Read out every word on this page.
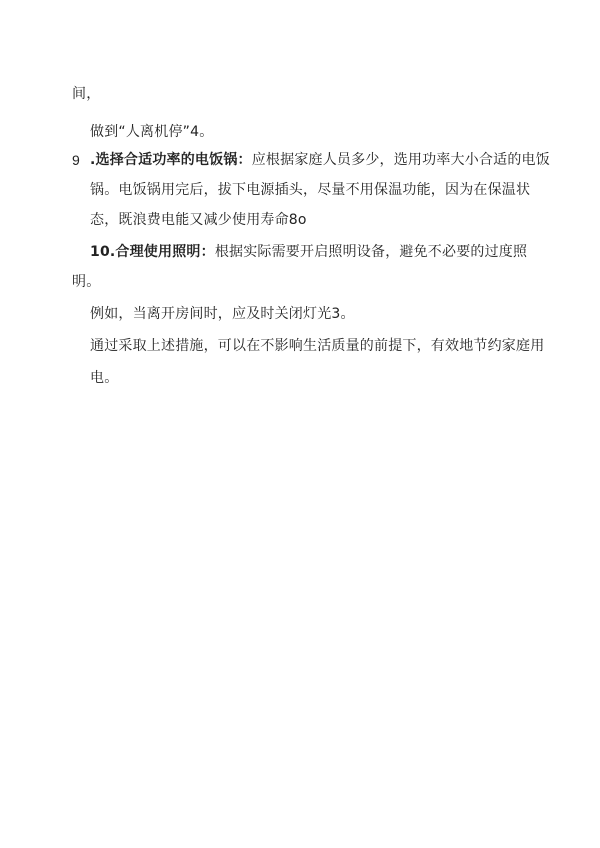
间，
做到“人离机停”4。
9 .选择合适功率的电饭锅：应根据家庭人员多少，选用功率大小合适的电饭
锅。电饭锅用完后，拔下电源插头，尽量不用保温功能，因为在保温状
态，既浪费电能又减少使用寿命8o
10.合理使用照明：根据实际需要开启照明设备，避免不必要的过度照
明。
例如，当离开房间时，应及时关闭灯光3。
通过采取上述措施，可以在不影响生活质量的前提下，有效地节约家庭用
电。
